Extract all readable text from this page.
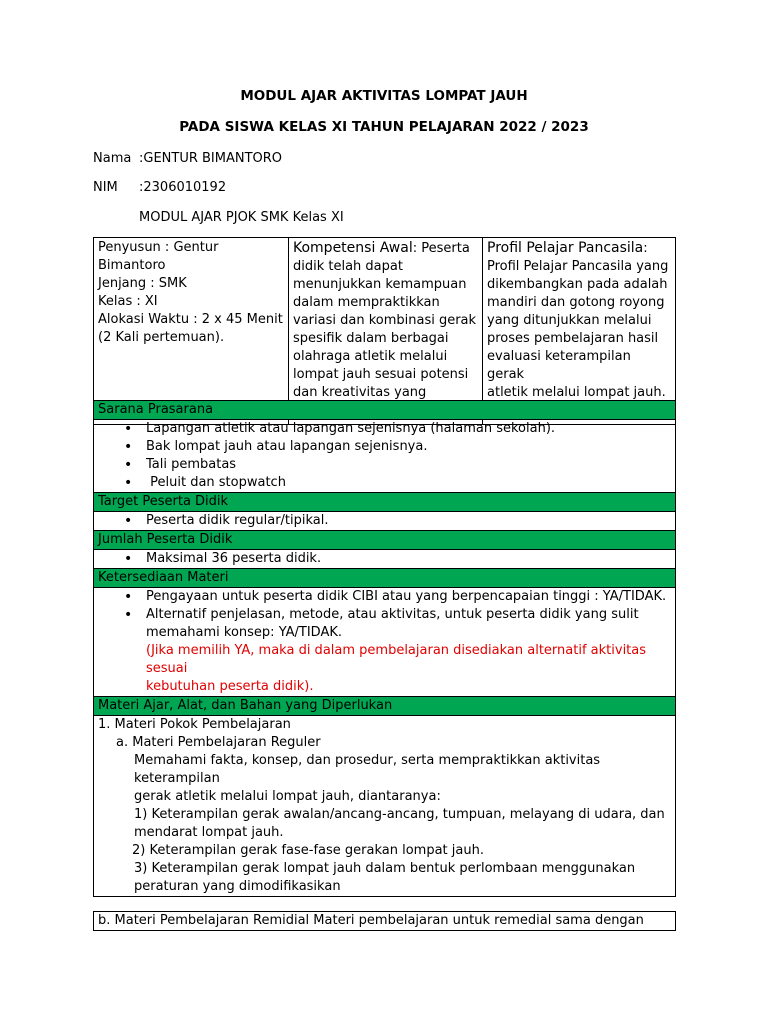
MODUL AJAR AKTIVITAS LOMPAT JAUH
PADA SISWA KELAS XI TAHUN PELAJARAN 2022 / 2023
Nama :GENTUR BIMANTORO
NIM :2306010192
MODUL AJAR PJOK SMK Kelas XI
Penyusun : Gentur
Bimantoro
Jenjang : SMK
Kelas : XI
Alokasi Waktu : 2 x 45 Menit
(2 Kali pertemuan).

Kompetensi Awal: Peserta
didik telah dapat
menunjukkan kemampuan
dalam mempraktikkan
variasi dan kombinasi gerak
spesifik dalam berbagai
olahraga atletik melalui
lompat jauh sesuai potensi
dan kreativitas yang

Profil Pelajar Pancasila:
Profil Pelajar Pancasila yang
dikembangkan pada adalah
mandiri dan gotong royong
yang ditunjukkan melalui
proses pembelajaran hasil
evaluasi keterampilan gerak
atletik melalui lompat jauh.
Sarana Prasarana

• Lapangan atletik atau lapangan sejenisnya (halaman sekolah).
• Bak lompat jauh atau lapangan sejenisnya.
• Tali pembatas
•  Peluit dan stopwatch

Target Peserta Didik

• Peserta didik regular/tipikal.

Jumlah Peserta Didik

• Maksimal 36 peserta didik.

Ketersediaan Materi

• Pengayaan untuk peserta didik CIBI atau yang berpencapaian tinggi : YA/TIDAK.
• Alternatif penjelasan, metode, atau aktivitas, untuk peserta didik yang sulit
memahami konsep: YA/TIDAK.
(Jika memilih YA, maka di dalam pembelajaran disediakan alternatif aktivitas sesuai
kebutuhan peserta didik).

Materi Ajar, Alat, dan Bahan yang Diperlukan

1. Materi Pokok Pembelajaran
a. Materi Pembelajaran Reguler
Memahami fakta, konsep, dan prosedur, serta mempraktikkan aktivitas keterampilan
gerak atletik melalui lompat jauh, diantaranya:
1) Keterampilan gerak awalan/ancang-ancang, tumpuan, melayang di udara, dan
mendarat lompat jauh.
2) Keterampilan gerak fase-fase gerakan lompat jauh.
3) Keterampilan gerak lompat jauh dalam bentuk perlombaan menggunakan
peraturan yang dimodifikasikan
b. Materi Pembelajaran Remidial Materi pembelajaran untuk remedial sama dengan
